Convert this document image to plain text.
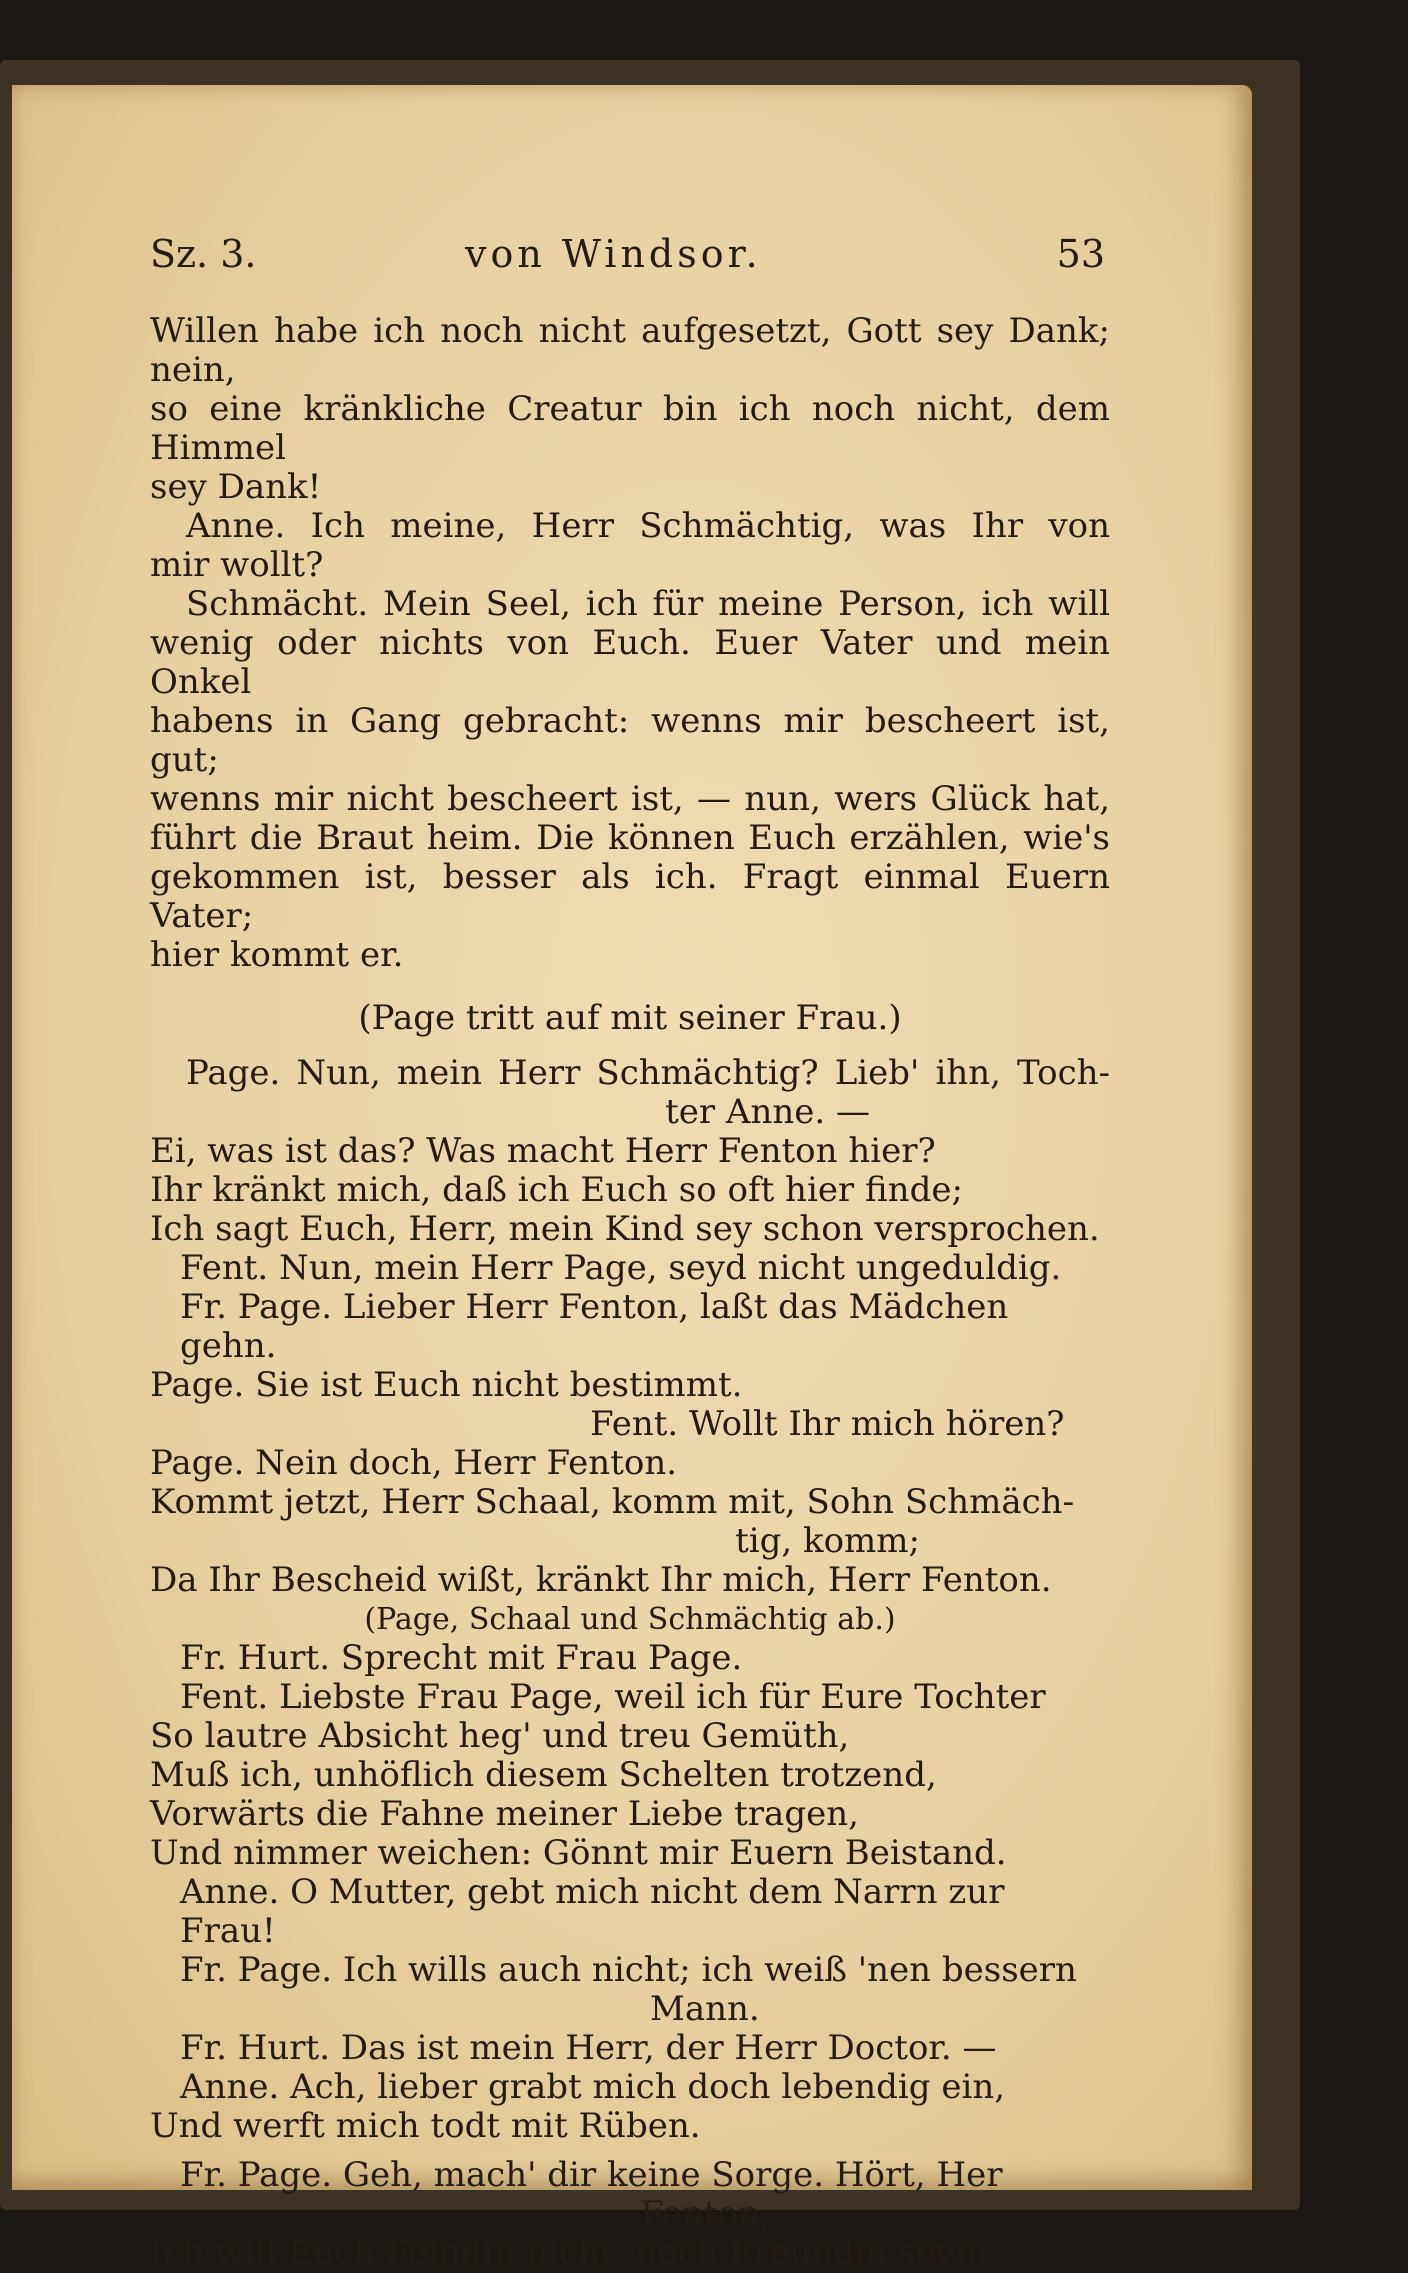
Sz. 3.	von Windsor.	53

Willen habe ich noch nicht aufgesetzt, Gott sey Dank; nein,

so eine kränkliche Creatur bin ich noch nicht, dem Himmel

sey Dank!

Anne. Ich meine, Herr Schmächtig, was Ihr von

mir wollt?

Schmächt. Mein Seel, ich für meine Person, ich will

wenig oder nichts von Euch. Euer Vater und mein Onkel

habens in Gang gebracht: wenns mir bescheert ist, gut;

wenns mir nicht bescheert ist, — nun, wers Glück hat,

führt die Braut heim. Die können Euch erzählen, wie's

gekommen ist, besser als ich. Fragt einmal Euern Vater;

hier kommt er.

(Page tritt auf mit seiner Frau.)

Page. Nun, mein Herr Schmächtig? Lieb' ihn, Toch-

ter Anne. —

Ei, was ist das? Was macht Herr Fenton hier?

Ihr kränkt mich, daß ich Euch so oft hier finde;

Ich sagt Euch, Herr, mein Kind sey schon versprochen.

Fent. Nun, mein Herr Page, seyd nicht ungeduldig.

Fr. Page. Lieber Herr Fenton, laßt das Mädchen gehn.

Page. Sie ist Euch nicht bestimmt.

Fent. Wollt Ihr mich hören?

Page. Nein doch, Herr Fenton.

Kommt jetzt, Herr Schaal, komm mit, Sohn Schmäch-

tig, komm;

Da Ihr Bescheid wißt, kränkt Ihr mich, Herr Fenton.

(Page, Schaal und Schmächtig ab.)

Fr. Hurt. Sprecht mit Frau Page.

Fent. Liebste Frau Page, weil ich für Eure Tochter

So lautre Absicht heg' und treu Gemüth,

Muß ich, unhöflich diesem Schelten trotzend,

Vorwärts die Fahne meiner Liebe tragen,

Und nimmer weichen: Gönnt mir Euern Beistand.

Anne. O Mutter, gebt mich nicht dem Narrn zur Frau!

Fr. Page. Ich wills auch nicht; ich weiß 'nen bessern

Mann.

Fr. Hurt. Das ist mein Herr, der Herr Doctor. —

Anne. Ach, lieber grabt mich doch lebendig ein,

Und werft mich todt mit Rüben.

Fr. Page. Geh, mach' dir keine Sorge. Hört, Her

Fenton,

Ich will Euch Feindin nicht, noch Freundin seyn;
